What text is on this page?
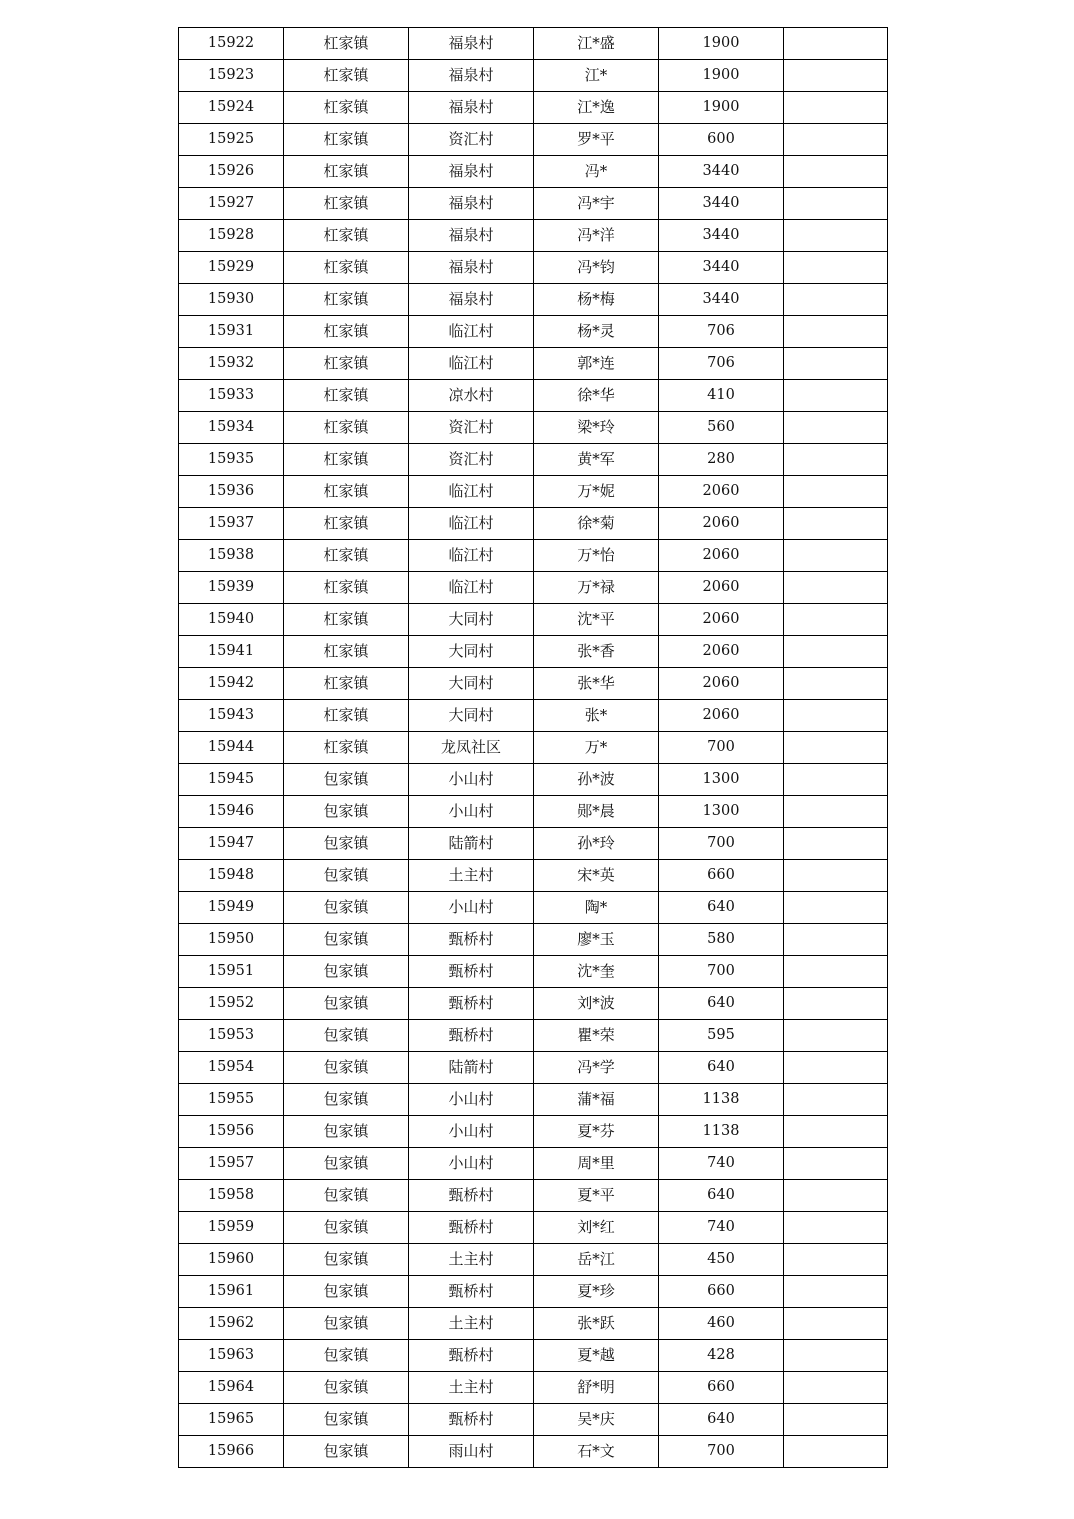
15922	杠家镇	福泉村	江*盛	1900	
15923	杠家镇	福泉村	江*	1900	
15924	杠家镇	福泉村	江*逸	1900	
15925	杠家镇	资汇村	罗*平	600	
15926	杠家镇	福泉村	冯*	3440	
15927	杠家镇	福泉村	冯*宇	3440	
15928	杠家镇	福泉村	冯*洋	3440	
15929	杠家镇	福泉村	冯*钧	3440	
15930	杠家镇	福泉村	杨*梅	3440	
15931	杠家镇	临江村	杨*灵	706	
15932	杠家镇	临江村	郭*连	706	
15933	杠家镇	凉水村	徐*华	410	
15934	杠家镇	资汇村	梁*玲	560	
15935	杠家镇	资汇村	黄*军	280	
15936	杠家镇	临江村	万*妮	2060	
15937	杠家镇	临江村	徐*菊	2060	
15938	杠家镇	临江村	万*怡	2060	
15939	杠家镇	临江村	万*禄	2060	
15940	杠家镇	大同村	沈*平	2060	
15941	杠家镇	大同村	张*香	2060	
15942	杠家镇	大同村	张*华	2060	
15943	杠家镇	大同村	张*	2060	
15944	杠家镇	龙凤社区	万*	700	
15945	包家镇	小山村	孙*波	1300	
15946	包家镇	小山村	郧*晨	1300	
15947	包家镇	陆箭村	孙*玲	700	
15948	包家镇	土主村	宋*英	660	
15949	包家镇	小山村	陶*	640	
15950	包家镇	甄桥村	廖*玉	580	
15951	包家镇	甄桥村	沈*奎	700	
15952	包家镇	甄桥村	刘*波	640	
15953	包家镇	甄桥村	瞿*荣	595	
15954	包家镇	陆箭村	冯*学	640	
15955	包家镇	小山村	蒲*福	1138	
15956	包家镇	小山村	夏*芬	1138	
15957	包家镇	小山村	周*里	740	
15958	包家镇	甄桥村	夏*平	640	
15959	包家镇	甄桥村	刘*红	740	
15960	包家镇	土主村	岳*江	450	
15961	包家镇	甄桥村	夏*珍	660	
15962	包家镇	土主村	张*跃	460	
15963	包家镇	甄桥村	夏*越	428	
15964	包家镇	土主村	舒*明	660	
15965	包家镇	甄桥村	吴*庆	640	
15966	包家镇	雨山村	石*文	700	
